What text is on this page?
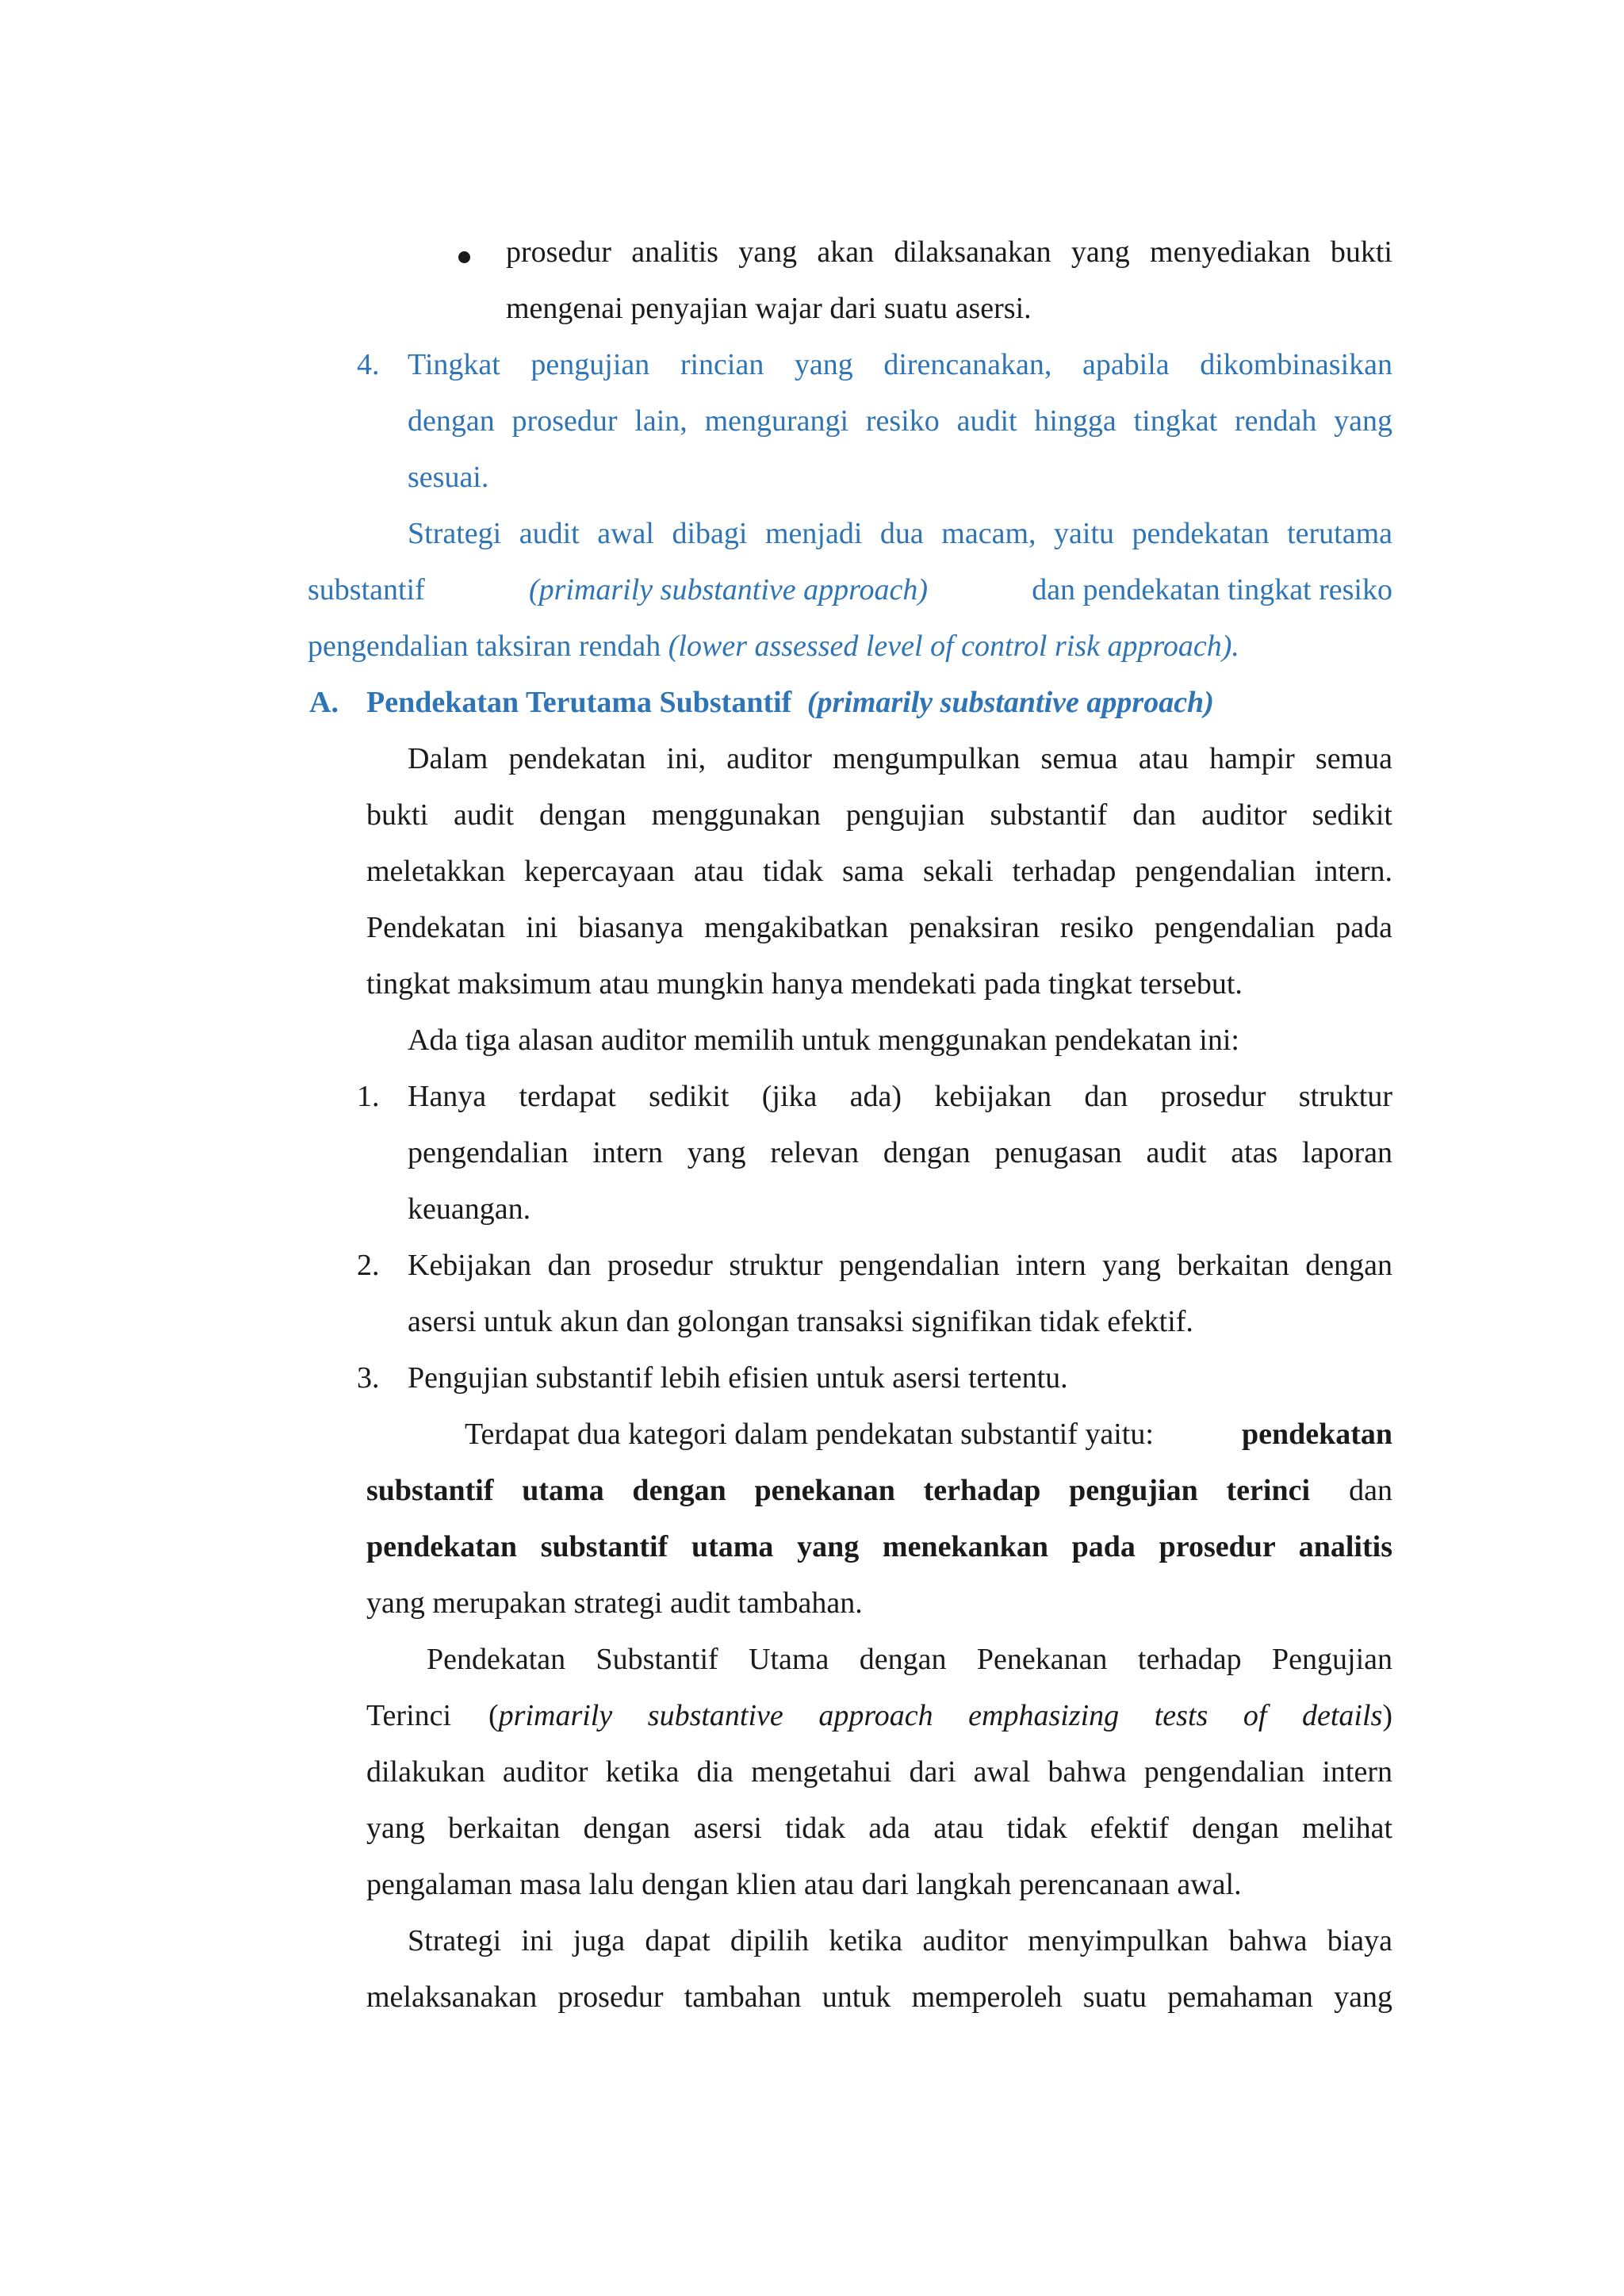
prosedur analitis yang akan dilaksanakan yang menyediakan bukti
mengenai penyajian wajar dari suatu asersi.
4. Tingkat pengujian rincian yang direncanakan, apabila dikombinasikan
dengan prosedur lain, mengurangi resiko audit hingga tingkat rendah yang
sesuai.
Strategi audit awal dibagi menjadi dua macam, yaitu pendekatan terutama
substantif	(primarily substantive approach)	dan pendekatan tingkat resiko
pengendalian taksiran rendah (lower assessed level of control risk approach).
A. Pendekatan Terutama Substantif (primarily substantive approach)
Dalam pendekatan ini, auditor mengumpulkan semua atau hampir semua
bukti audit dengan menggunakan pengujian substantif dan auditor sedikit
meletakkan kepercayaan atau tidak sama sekali terhadap pengendalian intern.
Pendekatan ini biasanya mengakibatkan penaksiran resiko pengendalian pada
tingkat maksimum atau mungkin hanya mendekati pada tingkat tersebut.
Ada tiga alasan auditor memilih untuk menggunakan pendekatan ini:
1. Hanya terdapat sedikit (jika ada) kebijakan dan prosedur struktur
pengendalian intern yang relevan dengan penugasan audit atas laporan
keuangan.
2. Kebijakan dan prosedur struktur pengendalian intern yang berkaitan dengan
asersi untuk akun dan golongan transaksi signifikan tidak efektif.
3. Pengujian substantif lebih efisien untuk asersi tertentu.
Terdapat dua kategori dalam pendekatan substantif yaitu:	pendekatan
substantif utama dengan penekanan terhadap pengujian terinci dan
pendekatan substantif utama yang menekankan pada prosedur analitis
yang merupakan strategi audit tambahan.
Pendekatan Substantif Utama dengan Penekanan terhadap Pengujian
Terinci ( primarily substantive approach emphasizing tests of details )
dilakukan auditor ketika dia mengetahui dari awal bahwa pengendalian intern
yang berkaitan dengan asersi tidak ada atau tidak efektif dengan melihat
pengalaman masa lalu dengan klien atau dari langkah perencanaan awal.
Strategi ini juga dapat dipilih ketika auditor menyimpulkan bahwa biaya
melaksanakan prosedur tambahan untuk memperoleh suatu pemahaman yang
